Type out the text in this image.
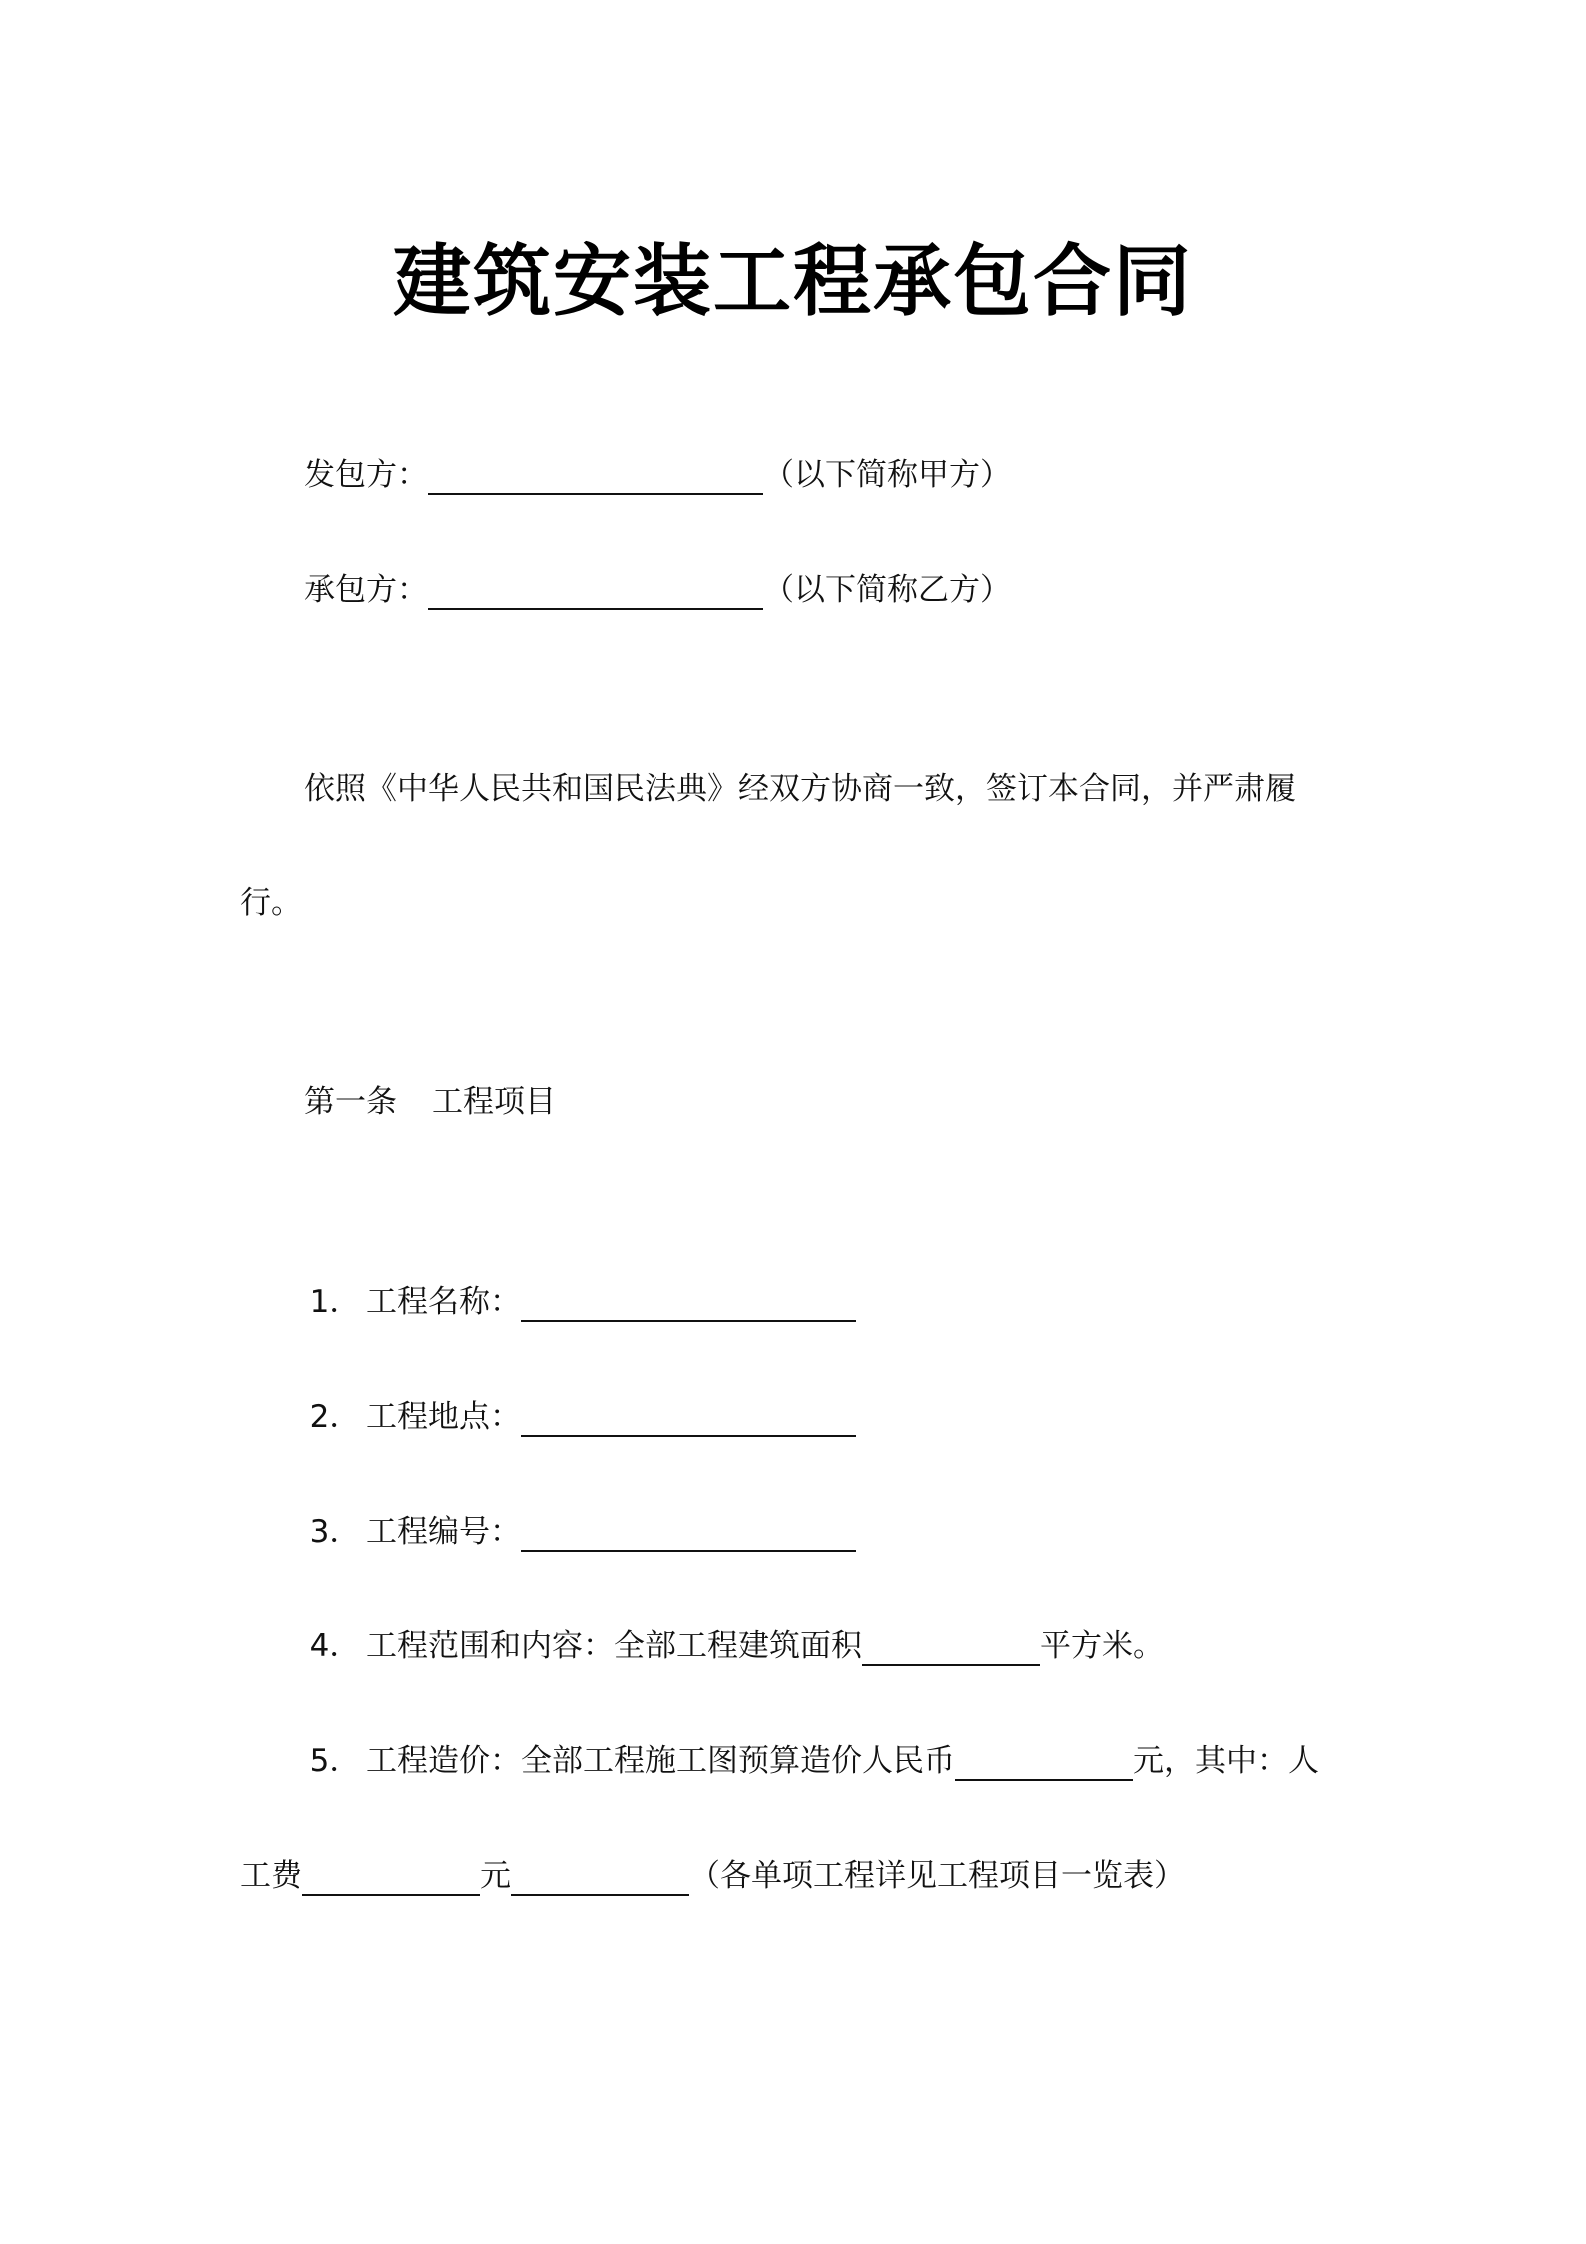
建筑安装工程承包合同
发包方：	（以下简称甲方）
承包方：	（以下简称乙方）
依照《中华人民共和国民法典》经双方协商一致，签订本合同，并严肃履
行。
第一条 工程项目
1． 工程名称：
2． 工程地点：
3． 工程编号：
4． 工程范围和内容：全部工程建筑面积	平方米。
5． 工程造价：全部工程施工图预算造价人民币	元，其中：人
工费	元	（各单项工程详见工程项目一览表）
